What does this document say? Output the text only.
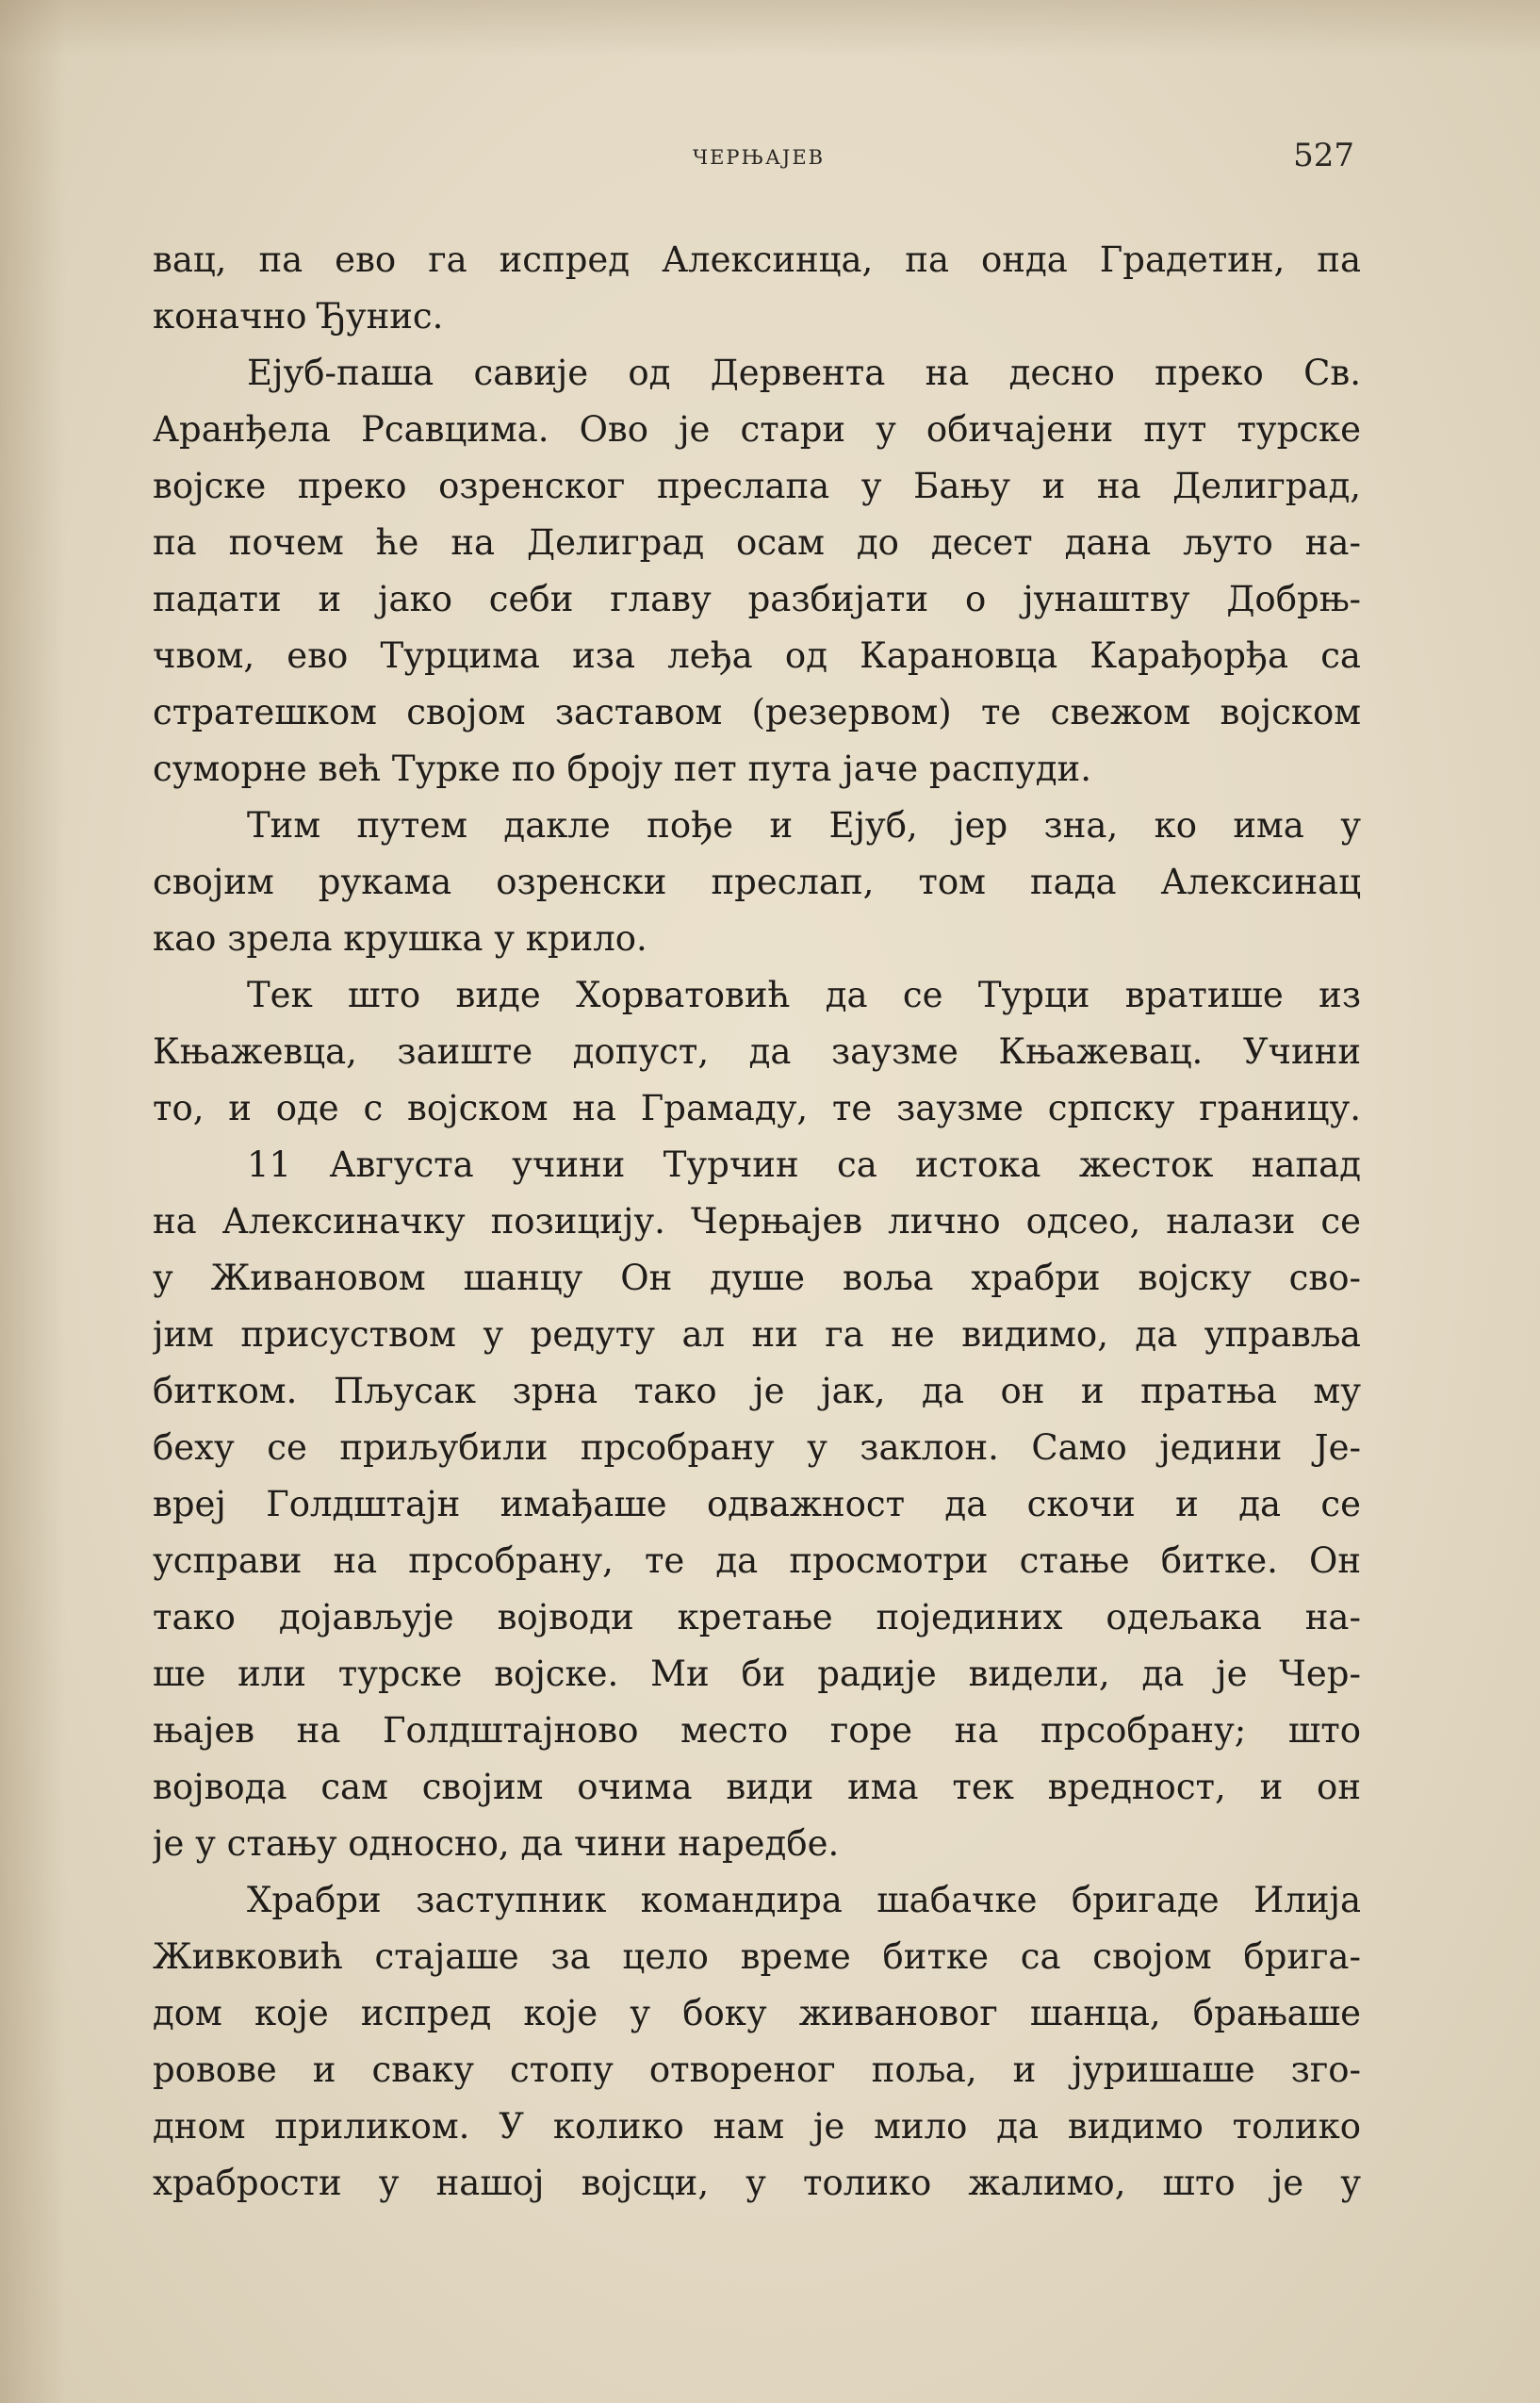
ЧЕРЊАЈЕВ	527
вац, па ево га испред Алексинца, па онда Градетин, па
коначно Ђунис.
Ејуб-паша савије од Дервента на десно преко Св.
Аранђела Рсавцима. Ово је стари у обичајени пут турске
војске преко озренског преслапа у Бању и на Делиград,
па почем ће на Делиград осам до десет дана љуто на-
падати и јако себи главу разбијати о јунаштву Добрњ-
чвом, ево Турцима иза леђа од Карановца Карађорђа са
стратешком својом заставом (резервом) те свежом војском
суморне већ Турке по броју пет пута јаче распуди.
Тим путем дакле пође и Ејуб, јер зна, ко има у
својим рукама озренски преслап, том пада Алексинац
као зрела крушка у крило.
Тек што виде Хорватовић да се Турци вратише из
Књажевца, заиште допуст, да заузме Књажевац. Учини
то, и оде с војском на Грамаду, те заузме српску границу.
11 Августа учини Турчин са истока жесток напад
на Алексиначку позицију. Черњајев лично одсео, налази се
у Живановом шанцу Он душе воља храбри војску сво-
јим присуством у редуту ал ни га не видимо, да управља
битком. Пљусак зрна тако је јак, да он и пратња му
беху се приљубили прсобрану у заклон. Само једини Је-
врej Голдштајн имађаше одважност да скочи и да се
усправи на прсобрану, те да просмотри стање битке. Он
тако дојављује војводи кретање појединих одељака на-
ше или турске војске. Ми би радије видели, да је Чер-
њајев на Голдштајново место горе на прсобрану; што
војвода сам својим очима види има тек вредност, и он
је у стању односно, да чини наредбе.
Храбри заступник командира шабачке бригаде Илија
Живковић стајаше за цело време битке са својом брига-
дом које испред које у боку живановог шанца, брањаше
ровове и сваку стопу отвореног поља, и јуришаше зго-
дном приликом. У колико нам је мило да видимо толико
храбрости у нашој војсци, у толико жалимо, што је у
